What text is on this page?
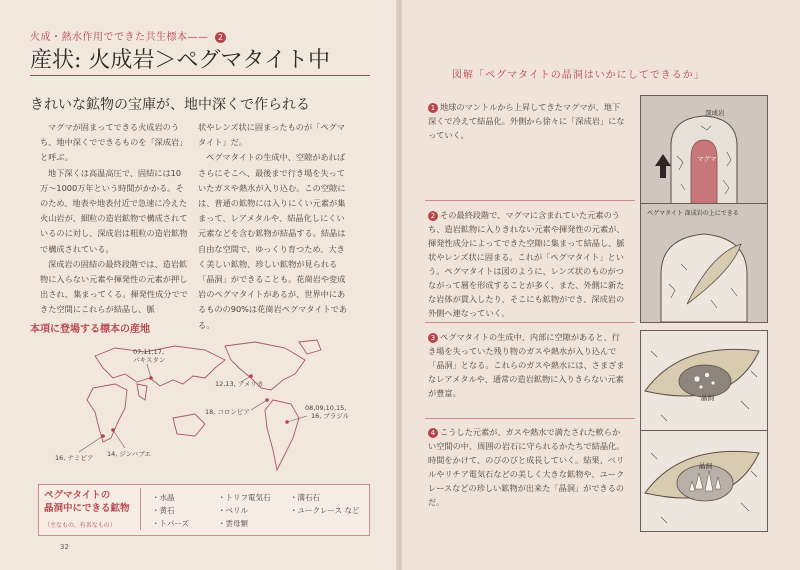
火成・熱水作用でできた共生標本—— 2
産状: 火成岩＞ペグマタイト中
きれいな鉱物の宝庫が、地中深くで作られる

マグマが固まってできる火成岩のうち、地中深くでできるものを「深成岩」と呼ぶ。

地下深くは高温高圧で、固結には10万〜1000万年という時間がかかる。そのため、地表や地表付近で急速に冷えた火山岩が、細粒の造岩鉱物で構成されているのに対し、深成岩は粗粒の造岩鉱物で構成されている。

深成岩の固結の最終段階では、造岩鉱物に入らない元素や揮発性の元素が押し出され、集まってくる。揮発性成分でできた空間にこれらが結晶し、脈

状やレンズ状に固まったものが「ペグマタイト」だ。

ペグマタイトの生成中、空隙があればさらにそこへ、最後まで行き場を失っていたガスや熱水が入り込む。この空隙には、普通の鉱物には入りにくい元素が集まって、レアメタルや、結晶化しにくい元素などを含む鉱物が結晶する。結晶は自由な空間で、ゆっくり育つため、大きく美しい鉱物、珍しい鉱物が見られる「晶洞」ができることも。花崗岩や変成岩のペグマタイトがあるが、世界中にあるものの90%は花崗岩ペグマタイトである。

本項に登場する標本の産地
07,11,17,
パキスタン
12,13, アメリカ
18, コロンビア	08,09,10,15,
16, ブラジル
16, ナミビア 14, ジンバブエ
ペグマタイトの
晶洞中にできる鉱物
（主なもの、有名なもの）
・水晶	・トリフ電気石	・満石石
・黄石	・ベリル	・ユークレース など
・トパーズ	・雲母類
32
図解「ペグマタイトの晶洞はいかにしてできるか」
1 地球のマントルから上昇してきたマグマが、地下深くで冷えて結晶化。外側から徐々に「深成岩」になっていく。
2 その最終段階で、マグマに含まれていた元素のうち、造岩鉱物に入りきれない元素や揮発性の元素が、揮発性成分によってできた空隙に集まって結晶し、脈状やレンズ状に固まる。これが「ペグマタイト」という。ペグマタイトは図のように、レンズ状のものがつながって層を形成することが多く、また、外側に新たな岩体が貫入したり、そこにも鉱物ができ、深成岩の外側へ連なっていく。
3 ペグマタイトの生成中、内部に空隙があると、行き場を失っていた残り物のガスや熱水が入り込んで「晶洞」となる。これらのガスや熱水には、さまざまなレアメタルや、通常の造岩鉱物に入りきらない元素が豊富。
4 こうした元素が、ガスや熱水で満たされた軟らかい空間の中、周囲の岩石に守られるかたちで結晶化。時間をかけて、のびのびと成長していく。結果、ベリルやリチア電気石などの美しく大きな鉱物や、ユークレースなどの珍しい鉱物が出来た「晶洞」ができるのだ。
深成岩
マグマ
ペグマタイト 深成岩の上にできる
晶洞
晶洞
